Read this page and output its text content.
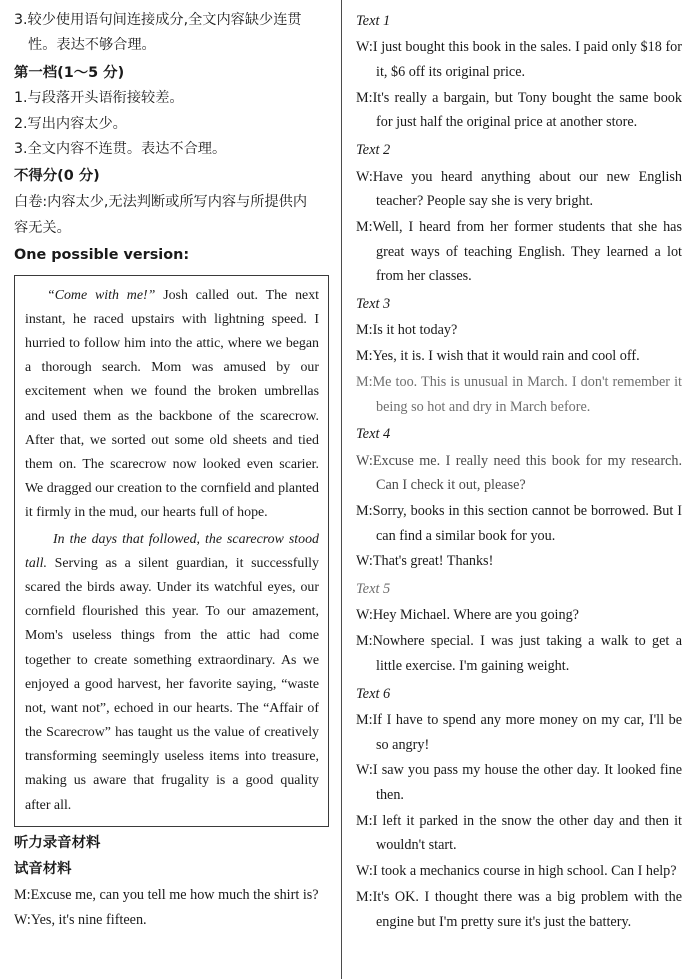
3.较少使用语句间连接成分,全文内容缺少连贯

性。表达不够合理。

第一档(1～5 分)

1.与段落开头语衔接较差。

2.写出内容太少。

3.全文内容不连贯。表达不合理。

不得分(0 分)

白卷:内容太少,无法判断或所写内容与所提供内

容无关。

One possible version:

“Come with me!” Josh called out. The next instant, he raced upstairs with lightning speed. I hurried to follow him into the attic, where we began a thorough search. Mom was amused by our excitement when we found the broken umbrellas and used them as the backbone of the scarecrow. After that, we sorted out some old sheets and tied them on. The scarecrow now looked even scarier. We dragged our creation to the cornfield and planted it firmly in the mud, our hearts full of hope.

In the days that followed, the scarecrow stood tall. Serving as a silent guardian, it successfully scared the birds away. Under its watchful eyes, our cornfield flourished this year. To our amazement, Mom's useless things from the attic had come together to create something extraordinary. As we enjoyed a good harvest, her favorite saying, “waste not, want not”, echoed in our hearts. The “Affair of the Scarecrow” has taught us the value of creatively transforming seemingly useless items into treasure, making us aware that frugality is a good quality after all.

听力录音材料

试音材料

M:Excuse me, can you tell me how much the shirt is?

W:Yes, it's nine fifteen.

Text 1

W:I just bought this book in the sales. I paid only $18 for it, $6 off its original price.

M:It's really a bargain, but Tony bought the same book for just half the original price at another store.

Text 2

W:Have you heard anything about our new English teacher? People say she is very bright.

M:Well, I heard from her former students that she has great ways of teaching English. They learned a lot from her classes.

Text 3

M:Is it hot today?

M:Yes, it is. I wish that it would rain and cool off.

M:Me too. This is unusual in March. I don't remember it being so hot and dry in March before.

Text 4

W:Excuse me. I really need this book for my research. Can I check it out, please?

M:Sorry, books in this section cannot be borrowed. But I can find a similar book for you.

W:That's great! Thanks!

Text 5

W:Hey Michael. Where are you going?

M:Nowhere special. I was just taking a walk to get a little exercise. I'm gaining weight.

Text 6

M:If I have to spend any more money on my car, I'll be so angry!

W:I saw you pass my house the other day. It looked fine then.

M:I left it parked in the snow the other day and then it wouldn't start.

W:I took a mechanics course in high school. Can I help?

M:It's OK. I thought there was a big problem with the engine but I'm pretty sure it's just the battery.
